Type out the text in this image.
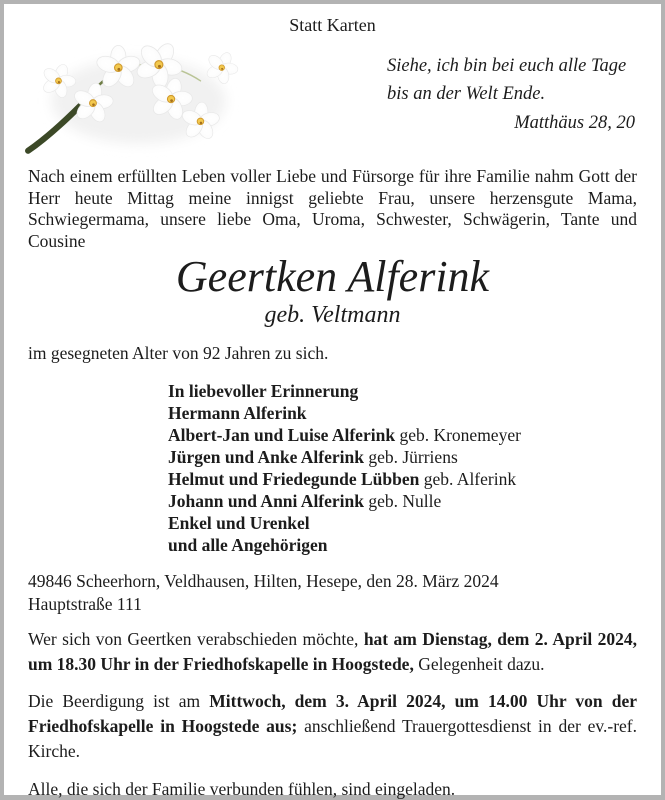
Statt Karten
Siehe, ich bin bei euch alle Tage
bis an der Welt Ende.
Matthäus 28, 20
Nach einem erfüllten Leben voller Liebe und Fürsorge für ihre Familie nahm Gott der Herr heute Mittag meine innigst geliebte Frau, unsere herzensgute Mama, Schwiegermama, unsere liebe Oma, Uroma, Schwester, Schwägerin, Tante und Cousine
Geertken Alferink
geb. Veltmann
im gesegneten Alter von 92 Jahren zu sich.
In liebevoller Erinnerung
Hermann Alferink
Albert-Jan und Luise Alferink geb. Kronemeyer
Jürgen und Anke Alferink geb. Jürriens
Helmut und Friedegunde Lübben geb. Alferink
Johann und Anni Alferink geb. Nulle
Enkel und Urenkel
und alle Angehörigen
49846 Scheerhorn, Veldhausen, Hilten, Hesepe, den 28. März 2024
Hauptstraße 111
Wer sich von Geertken verabschieden möchte, hat am Dienstag, dem 2. April 2024, um 18.30 Uhr in der Friedhofskapelle in Hoogstede, Gelegenheit dazu.
Die Beerdigung ist am Mittwoch, dem 3. April 2024, um 14.00 Uhr von der Friedhofskapelle in Hoogstede aus; anschließend Trauergottesdienst in der ev.-ref. Kirche.
Alle, die sich der Familie verbunden fühlen, sind eingeladen.
